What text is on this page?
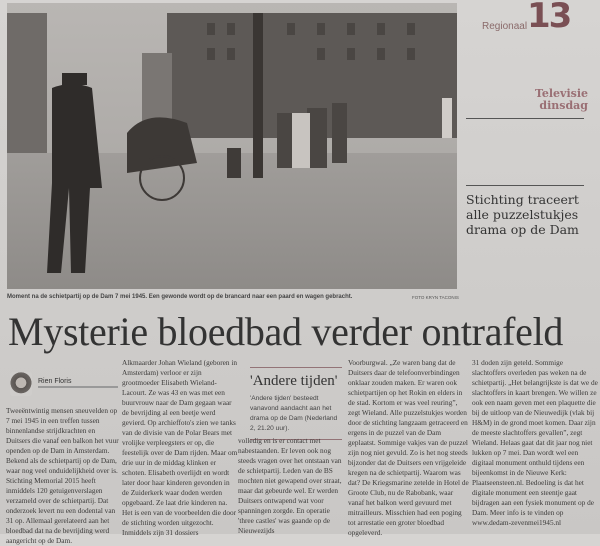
Moment na de schietpartij op de Dam 7 mei 1945. Een gewonde wordt op de brancard naar een paard en wagen gebracht.	FOTO KRYN TACONIS
Regionaal 13
Televisie dinsdag
Stichting traceert alle puzzelstukjes drama op de Dam
Mysterie bloedbad verder ontrafeld
Rien Floris
Tweeëntwintig mensen sneuvelden op 7 mei 1945 in een treffen tussen binnenlandse strijdkrachten en Duitsers die vanaf een balkon het vuur openden op de Dam in Amsterdam. Bekend als de schietpartij op de Dam, waar nog veel onduidelijkheid over is. Stichting Memorial 2015 heeft inmiddels 120 getuigenverslagen verzameld over de schietpartij. Dat onderzoek levert nu een dodental van 31 op. Allemaal gerelateerd aan het bloedbad dat na de bevrijding werd aangericht op de Dam.
Alkmaarder Johan Wieland (geboren in Amsterdam) verloor er zijn grootmoeder Elisabeth Wieland-Lacourt. Ze was 43 en was met een buurvrouw naar de Dam gegaan waar de bevrijding al een beetje werd gevierd. Op archieffoto's zien we tanks van de divisie van de Polar Bears met vrolijke verpleegsters er op, die feestelijk over de Dam rijden. Maar om drie uur in de middag klinken er schoten. Elisabeth overlijdt en wordt later door haar kinderen gevonden in de Zuiderkerk waar doden werden opgebaard. Ze laat drie kinderen na. Het is een van de voorbeelden die door de stichting worden uitgezocht. Inmiddels zijn 31 dossiers
'Andere tijden'
'Andere tijden' besteedt vanavond aandacht aan het drama op de Dam (Nederland 2, 21.20 uur).
volledig en is er contact met nabestaanden. Er leven ook nog steeds vragen over het ontstaan van de schietpartij. Leden van de BS mochten niet gewapend over straat, maar dat gebeurde wel. Er werden Duitsers ontwapend wat voor spanningen zorgde. En operatie 'three castles' was gaande op de Nieuwezijds
Voorburgwal. „Ze waren bang dat de Duitsers daar de telefoonverbindingen onklaar zouden maken. Er waren ook schietpartijen op het Rokin en elders in de stad. Kortom er was veel reuring”, zegt Wieland. Alle puzzelstukjes worden door de stichting langzaam getraceerd en ergens in de puzzel van de Dam geplaatst. Sommige vakjes van de puzzel zijn nog niet gevuld. Zo is het nog steeds bijzonder dat de Duitsers een vrijgeleide kregen na de schietpartij. Waarom was dat? De Kriegsmarine zetelde in Hotel de Groote Club, nu de Rabobank, waar vanaf het balkon werd gevuurd met mitrailleurs. Misschien had een poging tot arrestatie een groter bloedbad opgeleverd.
31 doden zijn geteld. Sommige slachtoffers overleden pas weken na de schietpartij. „Het belangrijkste is dat we de slachtoffers in kaart brengen. We willen ze ook een naam geven met een plaquette die bij de uitloop van de Nieuwedijk (vlak bij H&M) in de grond moet komen. Daar zijn de meeste slachtoffers gevallen”, zegt Wieland. Helaas gaat dat dit jaar nog niet lukken op 7 mei. Dan wordt wel een digitaal monument onthuld tijdens een bijeenkomst in de Nieuwe Kerk: Plaatseensteen.nl. Bedoeling is dat het digitale monument een steentje gaat bijdragen aan een fysiek monument op de Dam. Meer info is te vinden op www.dedam-zevenmei1945.nl
